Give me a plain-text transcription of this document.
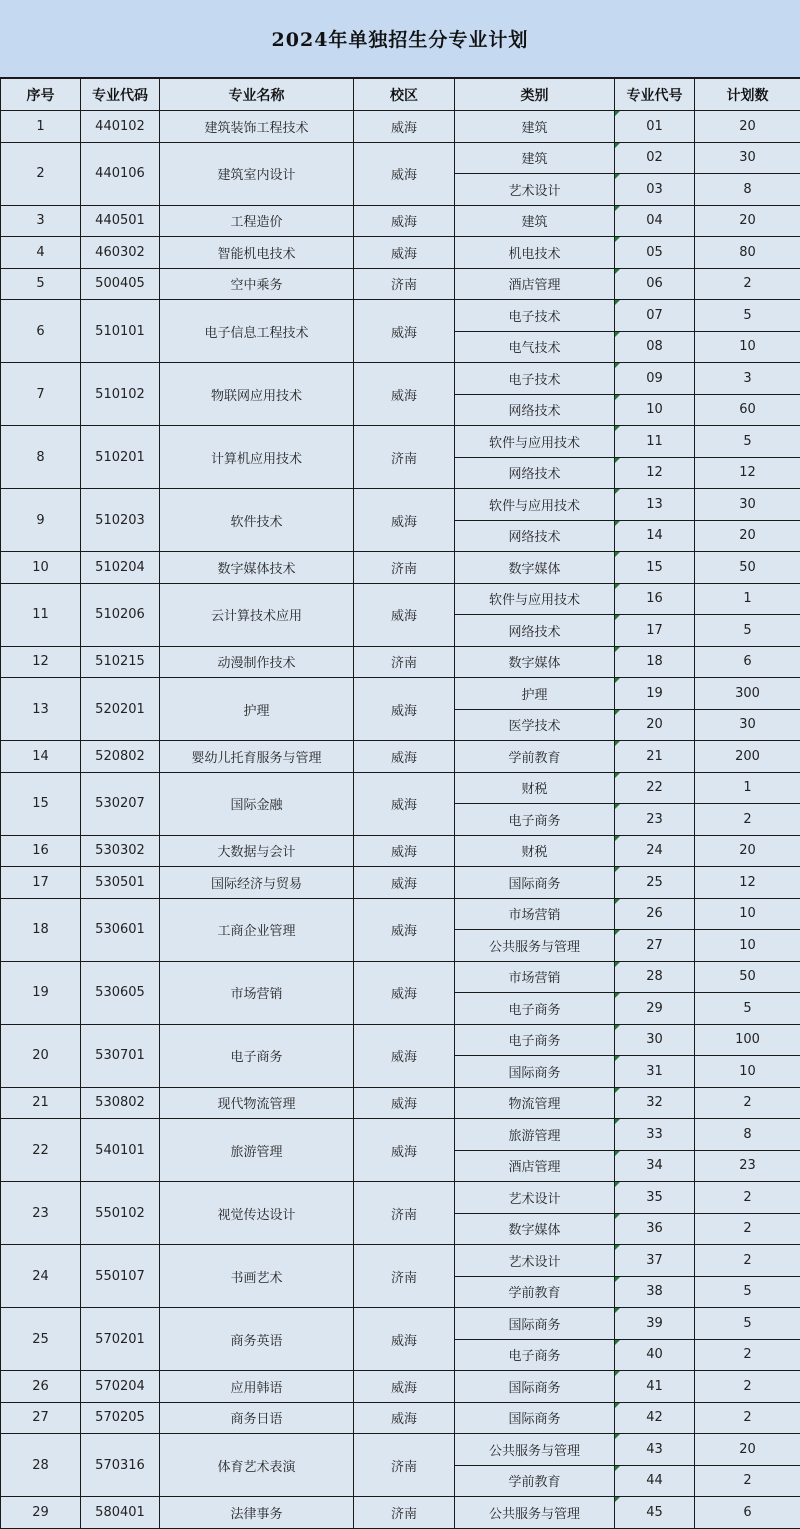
2024年单独招生分专业计划
序号	专业代码	专业名称	校区	类别	专业代号	计划数
1	440102	建筑装饰工程技术	威海	建筑	01	20
2	440106	建筑室内设计	威海	建筑	02	30
				艺术设计	03	8
3	440501	工程造价	威海	建筑	04	20
4	460302	智能机电技术	威海	机电技术	05	80
5	500405	空中乘务	济南	酒店管理	06	2
6	510101	电子信息工程技术	威海	电子技术	07	5
				电气技术	08	10
7	510102	物联网应用技术	威海	电子技术	09	3
				网络技术	10	60
8	510201	计算机应用技术	济南	软件与应用技术	11	5
				网络技术	12	12
9	510203	软件技术	威海	软件与应用技术	13	30
				网络技术	14	20
10	510204	数字媒体技术	济南	数字媒体	15	50
11	510206	云计算技术应用	威海	软件与应用技术	16	1
				网络技术	17	5
12	510215	动漫制作技术	济南	数字媒体	18	6
13	520201	护理	威海	护理	19	300
				医学技术	20	30
14	520802	婴幼儿托育服务与管理	威海	学前教育	21	200
15	530207	国际金融	威海	财税	22	1
				电子商务	23	2
16	530302	大数据与会计	威海	财税	24	20
17	530501	国际经济与贸易	威海	国际商务	25	12
18	530601	工商企业管理	威海	市场营销	26	10
				公共服务与管理	27	10
19	530605	市场营销	威海	市场营销	28	50
				电子商务	29	5
20	530701	电子商务	威海	电子商务	30	100
				国际商务	31	10
21	530802	现代物流管理	威海	物流管理	32	2
22	540101	旅游管理	威海	旅游管理	33	8
				酒店管理	34	23
23	550102	视觉传达设计	济南	艺术设计	35	2
				数字媒体	36	2
24	550107	书画艺术	济南	艺术设计	37	2
				学前教育	38	5
25	570201	商务英语	威海	国际商务	39	5
				电子商务	40	2
26	570204	应用韩语	威海	国际商务	41	2
27	570205	商务日语	威海	国际商务	42	2
28	570316	体育艺术表演	济南	公共服务与管理	43	20
				学前教育	44	2
29	580401	法律事务	济南	公共服务与管理	45	6
